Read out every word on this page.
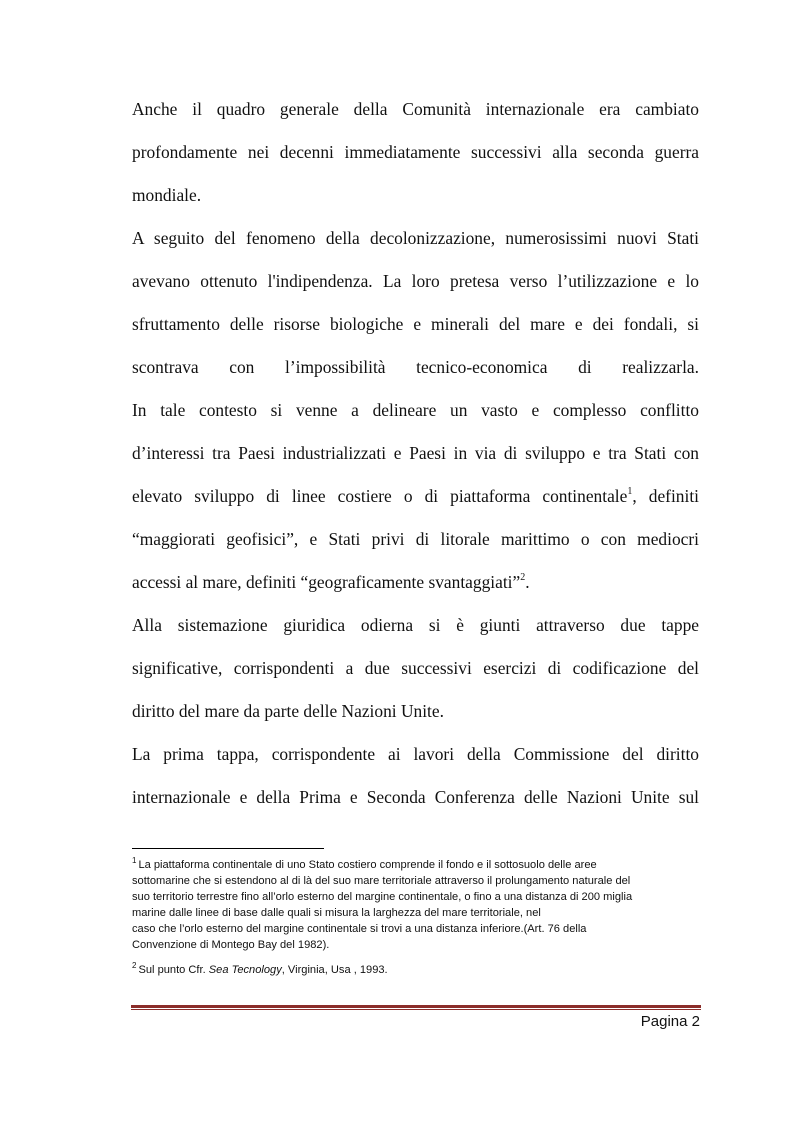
Anche il quadro generale della Comunità internazionale era cambiato
profondamente nei decenni immediatamente successivi alla seconda guerra
mondiale.

A seguito del fenomeno della decolonizzazione, numerosissimi nuovi Stati
avevano ottenuto l'indipendenza. La loro pretesa verso l’utilizzazione e lo
sfruttamento delle risorse biologiche e minerali del mare e dei fondali, si
scontrava con l’impossibilità tecnico-economica di realizzarla.
In tale contesto si venne a delineare un vasto e complesso conflitto
d’interessi tra Paesi industrializzati e Paesi in via di sviluppo e tra Stati con
elevato sviluppo di linee costiere o di piattaforma continentale$^1$, definiti
“maggiorati geofisici”, e Stati privi di litorale marittimo o con mediocri
accessi al mare, definiti “geograficamente svantaggiati”$^2$.

Alla sistemazione giuridica odierna si è giunti attraverso due tappe
significative, corrispondenti a due successivi esercizi di codificazione del
diritto del mare da parte delle Nazioni Unite.

La prima tappa, corrispondente ai lavori della Commissione del diritto
internazionale e della Prima e Seconda Conferenza delle Nazioni Unite sul

$^1$ La piattaforma continentale di uno Stato costiero comprende il fondo e il sottosuolo delle aree
sottomarine che si estendono al di là del suo mare territoriale attraverso il prolungamento naturale del
suo territorio terrestre fino all’orlo esterno del margine continentale, o fino a una distanza di 200 miglia
marine dalle linee di base dalle quali si misura la larghezza del mare territoriale, nel
caso che l’orlo esterno del margine continentale si trovi a una distanza inferiore.(Art. 76 della
Convenzione di Montego Bay del 1982).
$^2$ Sul punto Cfr. Sea Tecnology, Virginia, Usa , 1993.
Pagina 2
